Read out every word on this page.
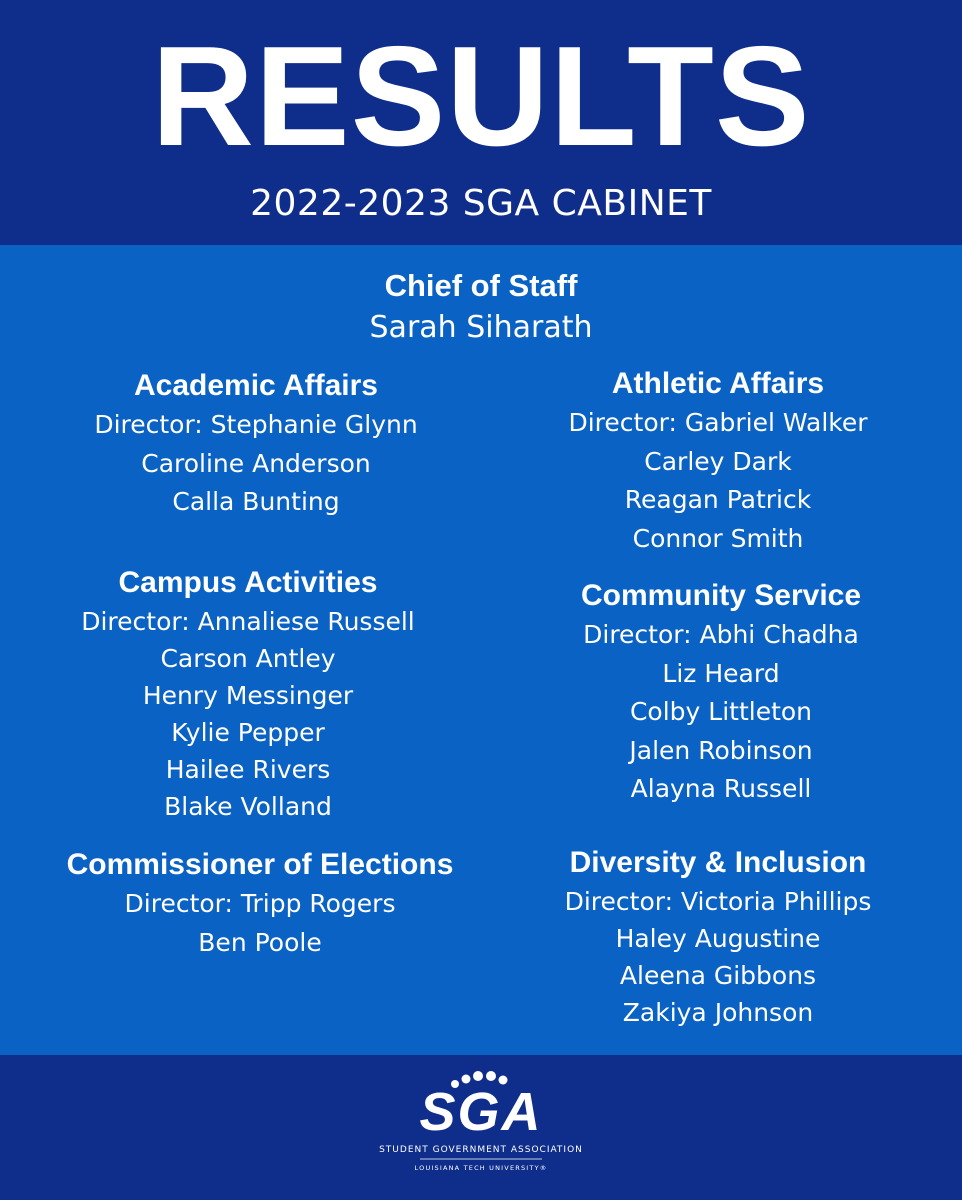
RESULTS
2022-2023 SGA CABINET
Chief of Staff
Sarah Siharath
Academic Affairs
Director: Stephanie Glynn
Caroline Anderson
Calla Bunting
Campus Activities
Director: Annaliese Russell
Carson Antley
Henry Messinger
Kylie Pepper
Hailee Rivers
Blake Volland
Commissioner of Elections
Director: Tripp Rogers
Ben Poole
Athletic Affairs
Director: Gabriel Walker
Carley Dark
Reagan Patrick
Connor Smith
Community Service
Director: Abhi Chadha
Liz Heard
Colby Littleton
Jalen Robinson
Alayna Russell
Diversity & Inclusion
Director: Victoria Phillips
Haley Augustine
Aleena Gibbons
Zakiya Johnson
SGA
STUDENT GOVERNMENT ASSOCIATION
LOUISIANA TECH UNIVERSITY®
